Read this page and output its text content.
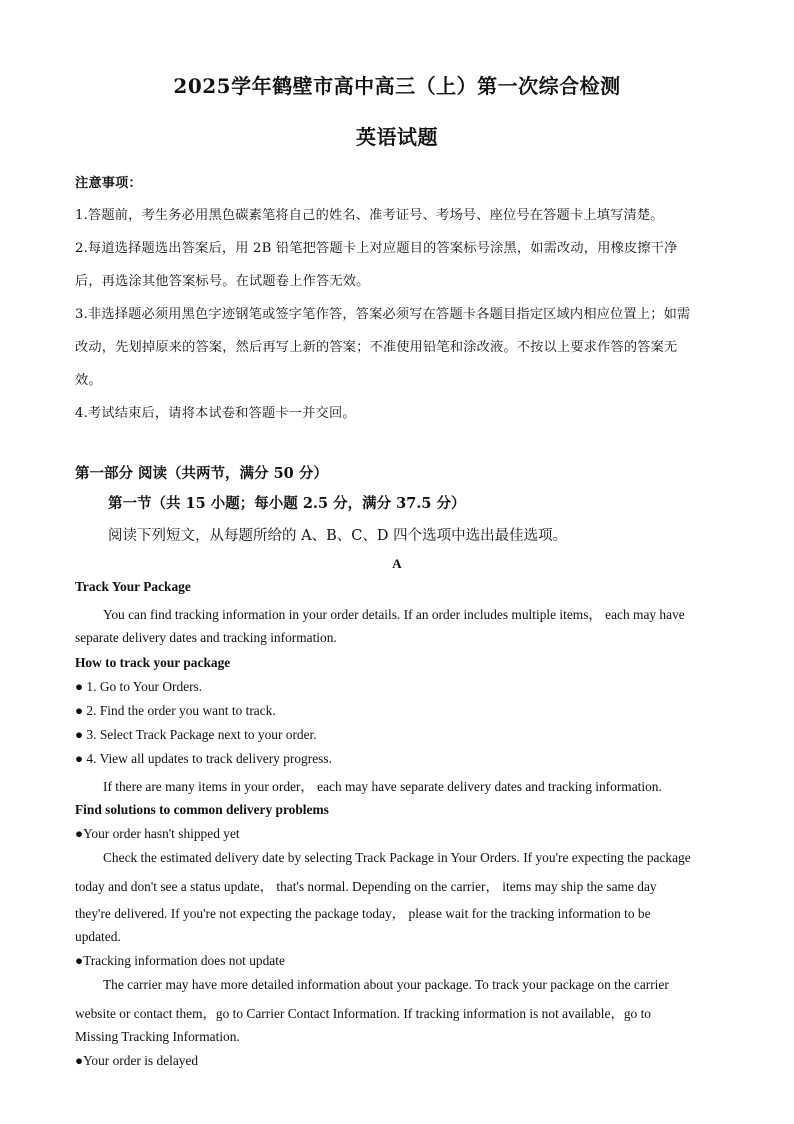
2025学年鹤壁市高中高三（上）第一次综合检测
英语试题
注意事项：
1.答题前，考生务必用黑色碳素笔将自己的姓名、准考证号、考场号、座位号在答题卡上填写清楚。
2.每道选择题选出答案后，用 2B 铅笔把答题卡上对应题目的答案标号涂黑，如需改动，用橡皮擦干净
后，再选涂其他答案标号。在试题卷上作答无效。
3.非选择题必须用黑色字迹钢笔或签字笔作答，答案必须写在答题卡各题目指定区域内相应位置上；如需
改动，先划掉原来的答案，然后再写上新的答案；不准使用铅笔和涂改液。不按以上要求作答的答案无
效。
4.考试结束后，请将本试卷和答题卡一并交回。
第一部分 阅读（共两节，满分 50 分）
第一节（共 15 小题；每小题 2.5 分，满分 37.5 分）
阅读下列短文，从每题所给的 A、B、C、D 四个选项中选出最佳选项。
A
Track Your Package
You can find tracking information in your order details. If an order includes multiple items， each may have
separate delivery dates and tracking information.
How to track your package
● 1. Go to Your Orders.
● 2. Find the order you want to track.
● 3. Select Track Package next to your order.
● 4. View all updates to track delivery progress.
If there are many items in your order， each may have separate delivery dates and tracking information.
Find solutions to common delivery problems
●Your order hasn't shipped yet
Check the estimated delivery date by selecting Track Package in Your Orders. If you're expecting the package
today and don't see a status update， that's normal. Depending on the carrier， items may ship the same day
they're delivered. If you're not expecting the package today， please wait for the tracking information to be
updated.
●Tracking information does not update
The carrier may have more detailed information about your package. To track your package on the carrier
website or contact them，go to Carrier Contact Information. If tracking information is not available，go to
Missing Tracking Information.
●Your order is delayed
